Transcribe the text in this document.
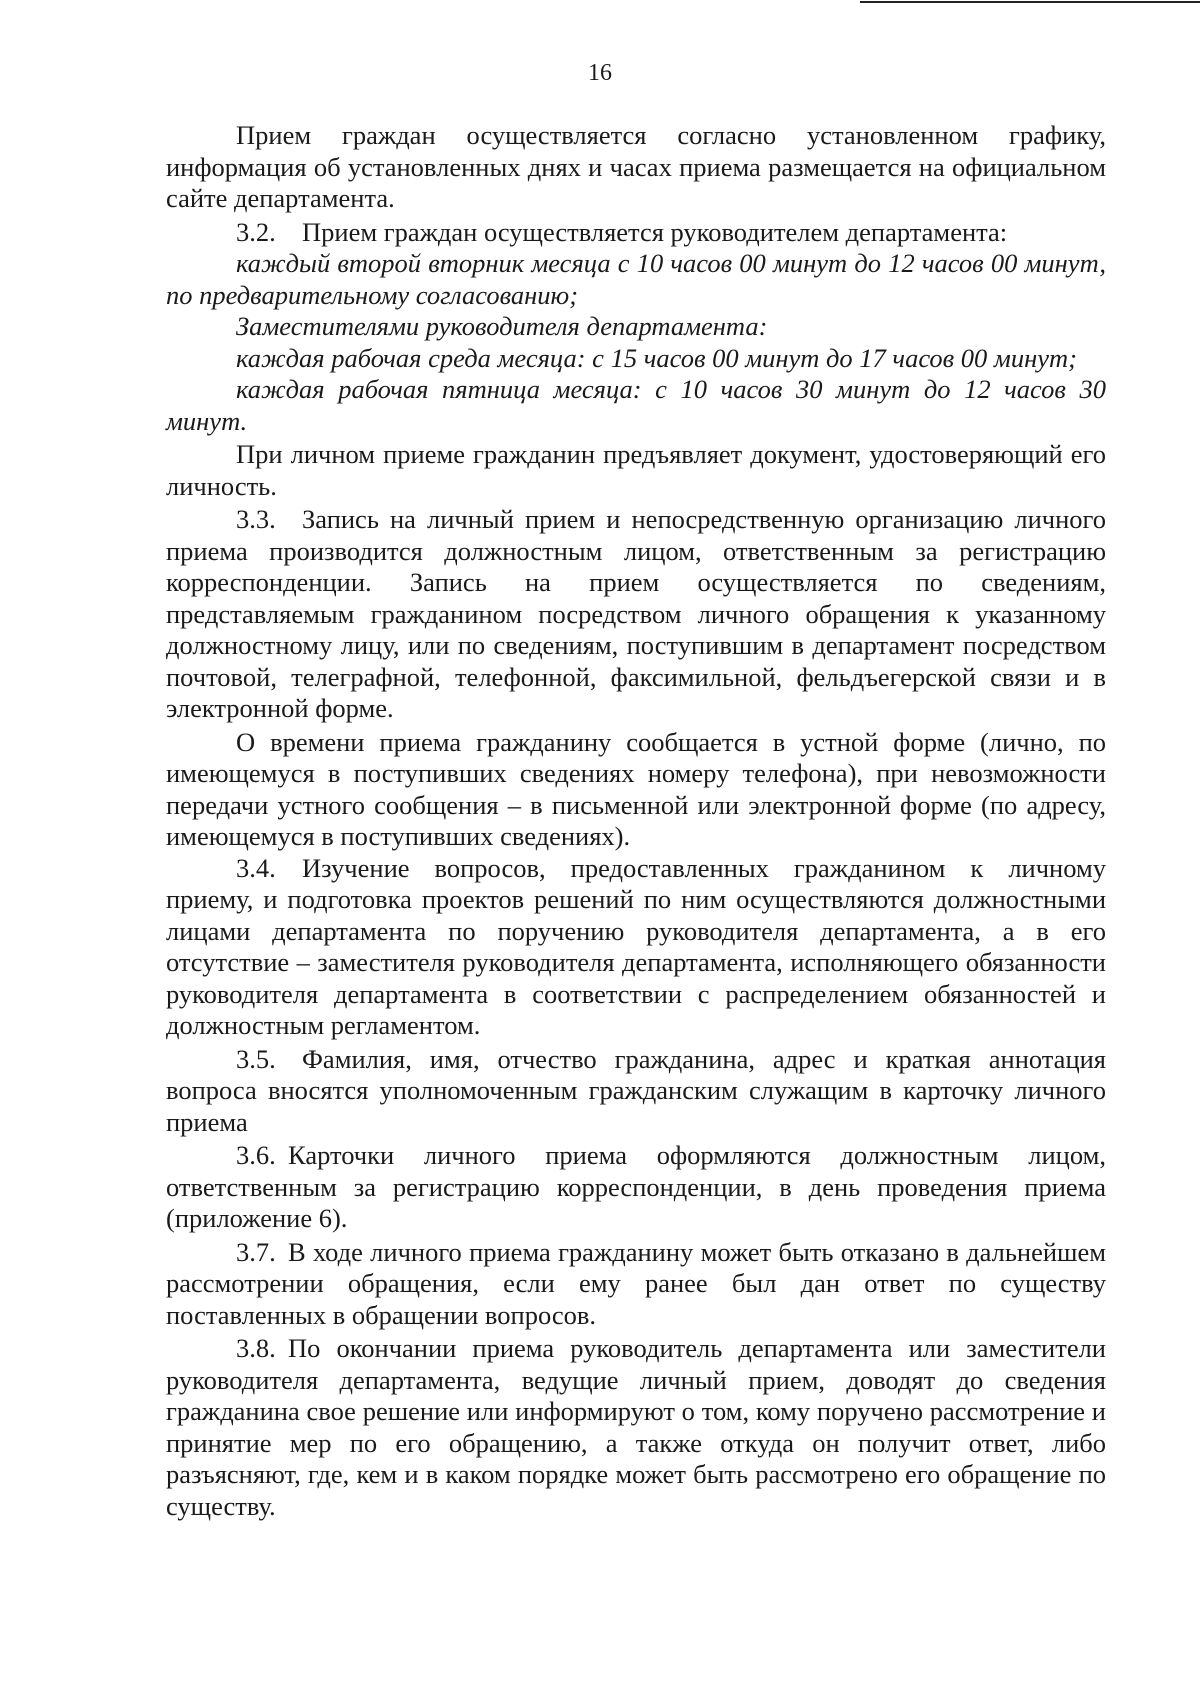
16

Прием граждан осуществляется согласно установленном графику, информация об установленных днях и часах приема размещается на официальном сайте департамента.

3.2. Прием граждан осуществляется руководителем департамента:

каждый второй вторник месяца с 10 часов 00 минут до 12 часов 00 минут, по предварительному согласованию;

Заместителями руководителя департамента:

каждая рабочая среда месяца: с 15 часов 00 минут до 17 часов 00 минут;

каждая рабочая пятница месяца: с 10 часов 30 минут до 12 часов 30 минут.

При личном приеме гражданин предъявляет документ, удостоверяющий его личность.

3.3. Запись на личный прием и непосредственную организацию личного приема производится должностным лицом, ответственным за регистрацию корреспонденции. Запись на прием осуществляется по сведениям, представляемым гражданином посредством личного обращения к указанному должностному лицу, или по сведениям, поступившим в департамент посредством почтовой, телеграфной, телефонной, факсимильной, фельдъегерской связи и в электронной форме.

О времени приема гражданину сообщается в устной форме (лично, по имеющемуся в поступивших сведениях номеру телефона), при невозможности передачи устного сообщения – в письменной или электронной форме (по адресу, имеющемуся в поступивших сведениях).

3.4. Изучение вопросов, предоставленных гражданином к личному приему, и подготовка проектов решений по ним осуществляются должностными лицами департамента по поручению руководителя департамента, а в его отсутствие – заместителя руководителя департамента, исполняющего обязанности руководителя департамента в соответствии с распределением обязанностей и должностным регламентом.

3.5. Фамилия, имя, отчество гражданина, адрес и краткая аннотация вопроса вносятся уполномоченным гражданским служащим в карточку личного приема

3.6. Карточки личного приема оформляются должностным лицом, ответственным за регистрацию корреспонденции, в день проведения приема (приложение 6).

3.7. В ходе личного приема гражданину может быть отказано в дальнейшем рассмотрении обращения, если ему ранее был дан ответ по существу поставленных в обращении вопросов.

3.8. По окончании приема руководитель департамента или заместители руководителя департамента, ведущие личный прием, доводят до сведения гражданина свое решение или информируют о том, кому поручено рассмотрение и принятие мер по его обращению, а также откуда он получит ответ, либо разъясняют, где, кем и в каком порядке может быть рассмотрено его обращение по существу.
